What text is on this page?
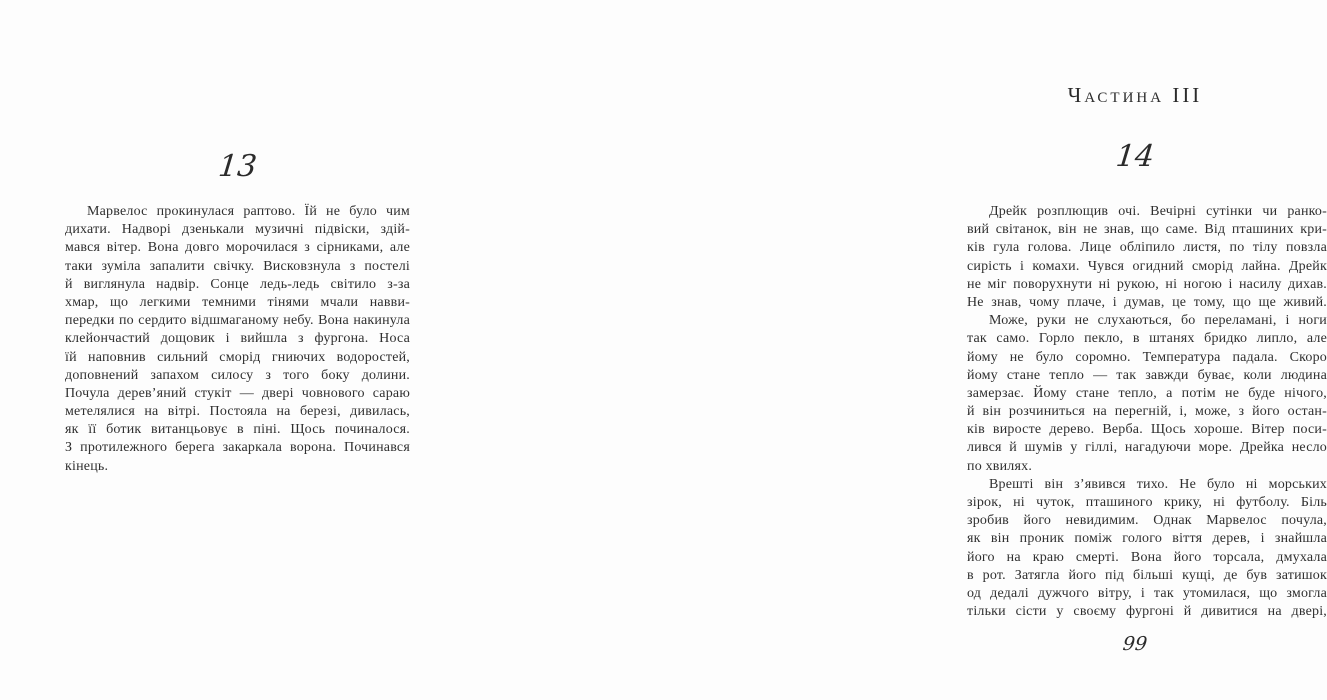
13
Марвелос прокинулася раптово. Їй не було чим
дихати. Надворі дзенькали музичні підвіски, здій-
мався вітер. Вона довго морочилася з сірниками, але
таки зуміла запалити свічку. Висковзнула з постелі
й виглянула надвір. Сонце ледь-ледь світило з-за
хмар, що легкими темними тінями мчали навви-
передки по сердито відшмаганому небу. Вона накинула
клейончастий дощовик і вийшла з фургона. Носа
їй наповнив сильний сморід гниючих водоростей,
доповнений запахом силосу з того боку долини.
Почула дерев’яний стукіт — двері човнового сараю
метелялися на вітрі. Постояла на березі, дивилась,
як її ботик витанцьовує в піні. Щось починалося.
З протилежного берега закаркала ворона. Починався
кінець.
Частина III
14
Дрейк розплющив очі. Вечірні сутінки чи ранко-
вий світанок, він не знав, що саме. Від пташиних кри-
ків гула голова. Лице обліпило листя, по тілу повзла
сирість і комахи. Чувся огидний сморід лайна. Дрейк
не міг поворухнути ні рукою, ні ногою і насилу дихав.
Не знав, чому плаче, і думав, це тому, що ще живий.
Може, руки не слухаються, бо переламані, і ноги
так само. Горло пекло, в штанях бридко липло, але
йому не було соромно. Температура падала. Скоро
йому стане тепло — так завжди буває, коли людина
замерзає. Йому стане тепло, а потім не буде нічого,
й він розчиниться на перегній, і, може, з його остан-
ків виросте дерево. Верба. Щось хороше. Вітер поси-
лився й шумів у гіллі, нагадуючи море. Дрейка несло
по хвилях.
Врешті він з’явився тихо. Не було ні морських
зірок, ні чуток, пташиного крику, ні футболу. Біль
зробив його невидимим. Однак Марвелос почула,
як він проник поміж голого віття дерев, і знайшла
його на краю смерті. Вона його торсала, дмухала
в рот. Затягла його під більші кущі, де був затишок
од дедалі дужчого вітру, і так утомилася, що змогла
тільки сісти у своєму фургоні й дивитися на двері,
99
